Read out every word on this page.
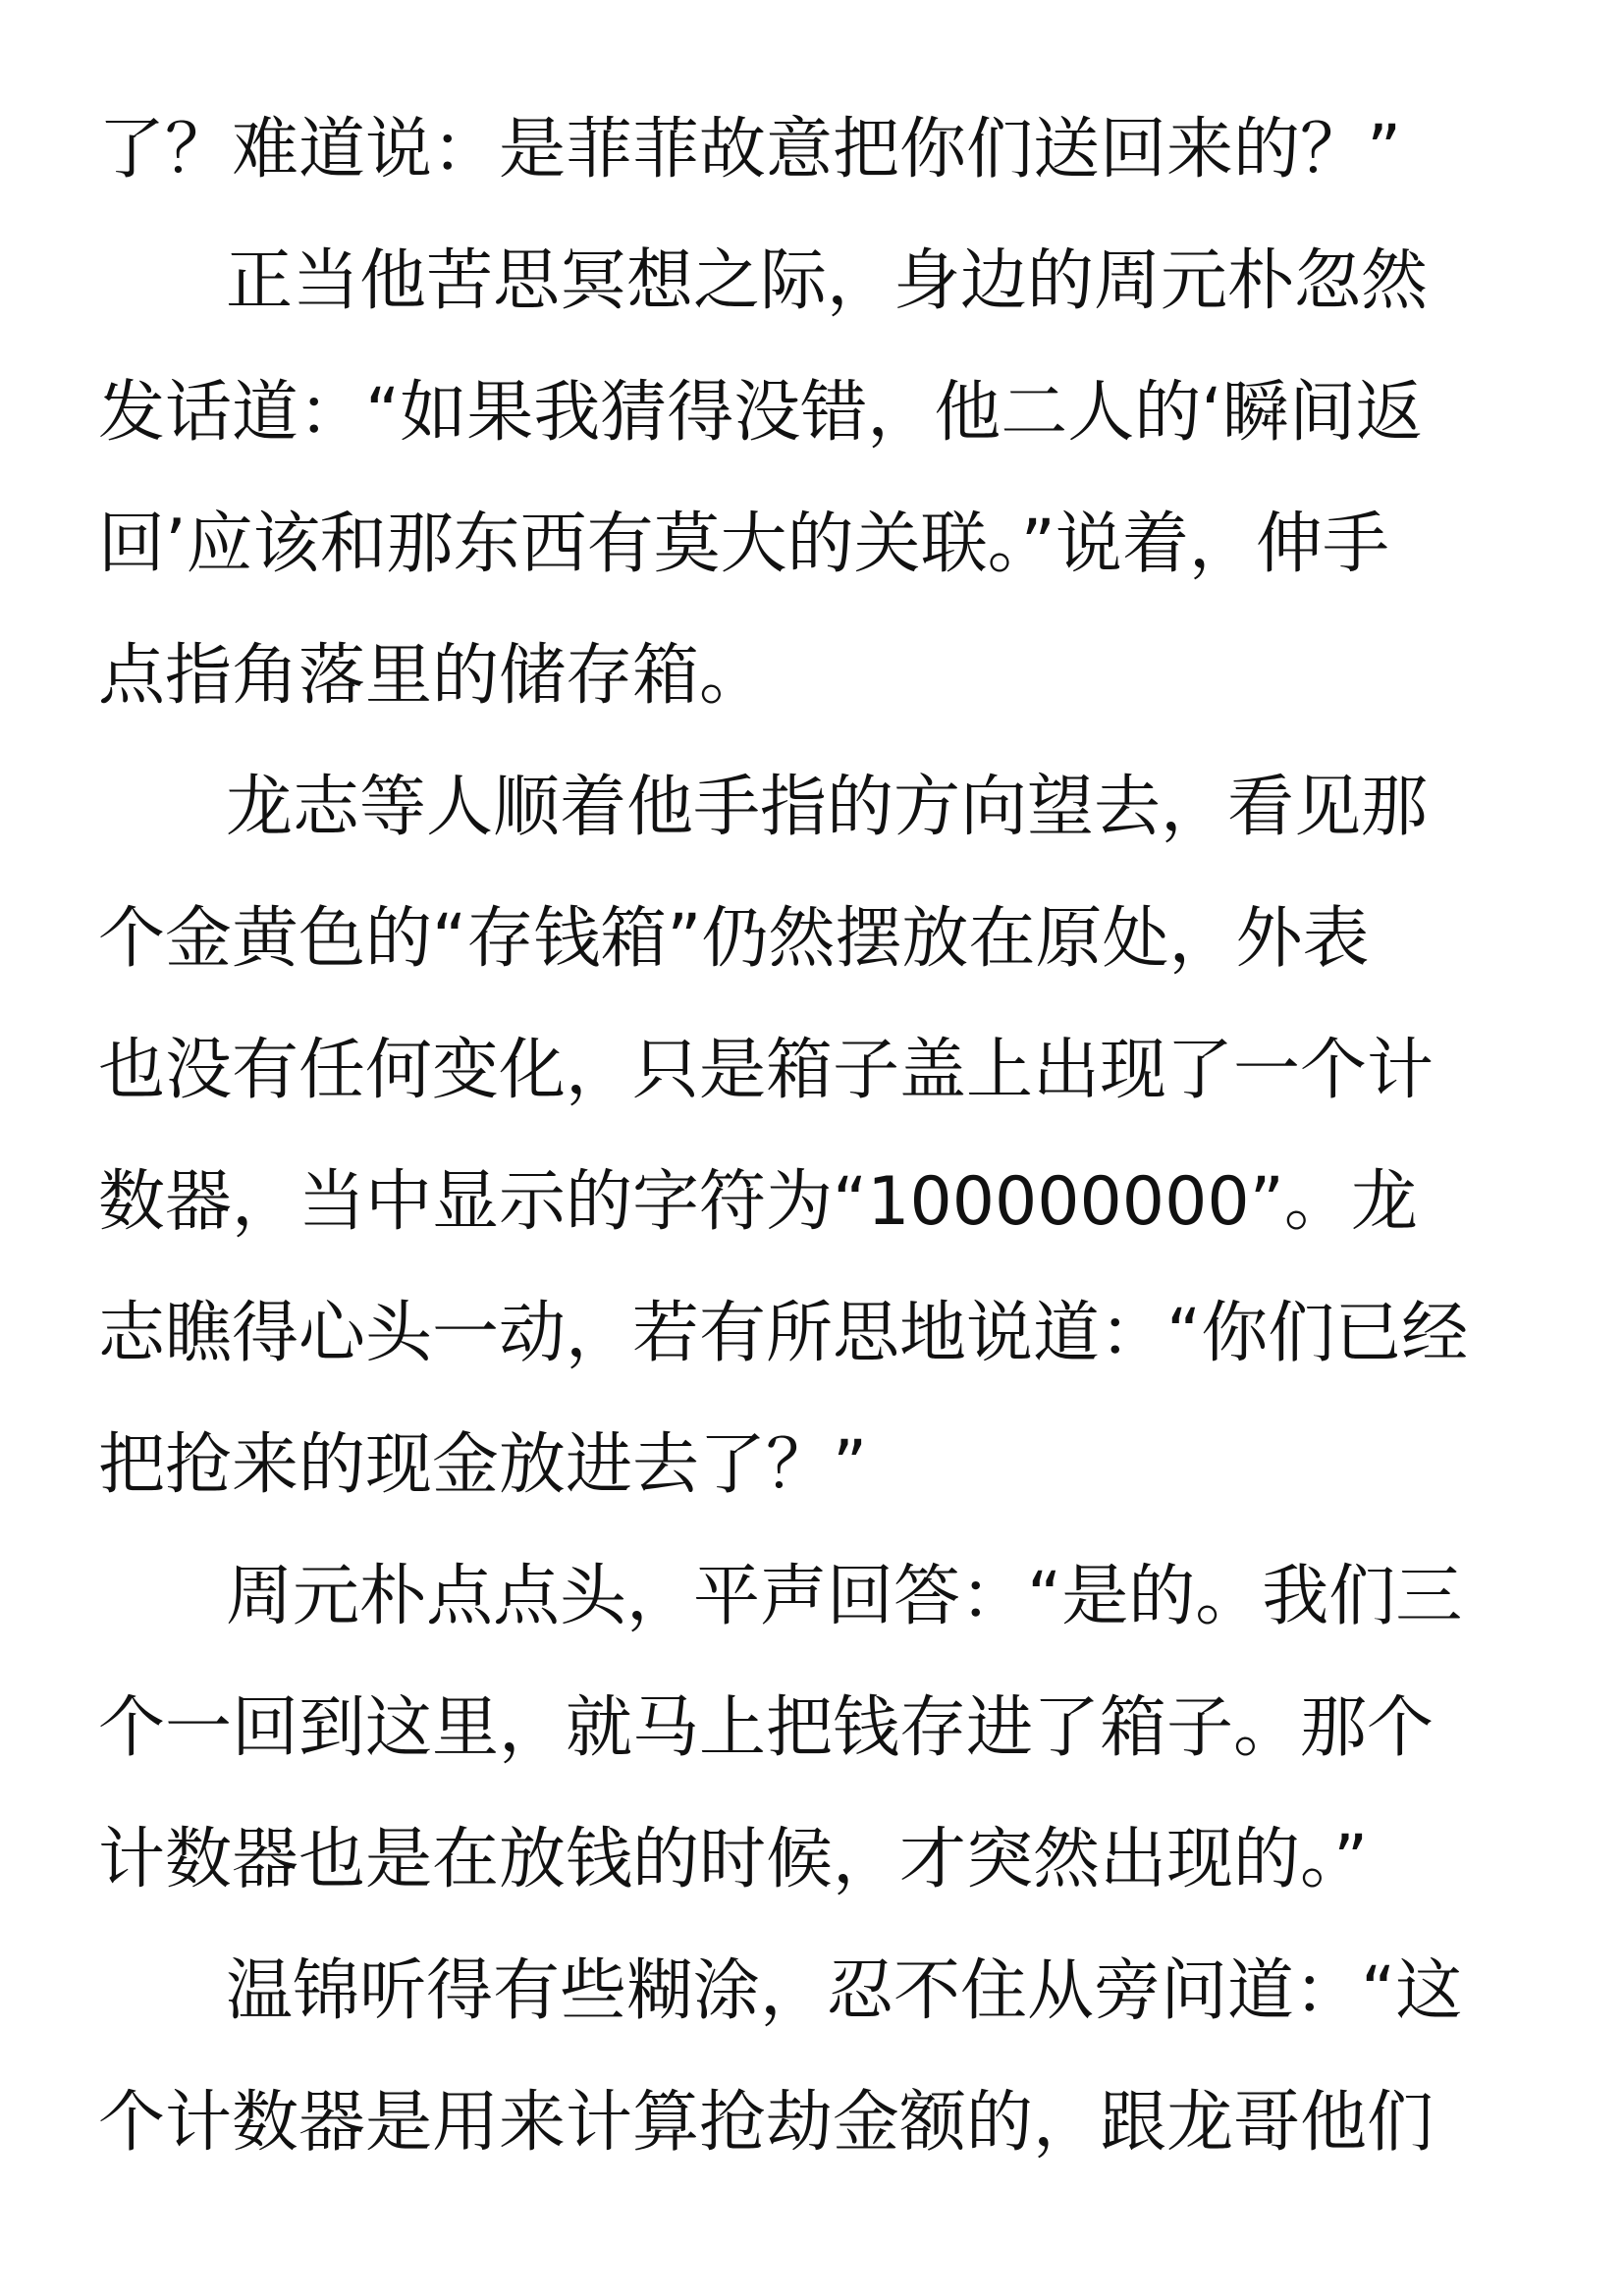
了？难道说：是菲菲故意把你们送回来的？”
正当他苦思冥想之际，身边的周元朴忽然
发话道：“如果我猜得没错，他二人的‘瞬间返
回’应该和那东西有莫大的关联。”说着，伸手
点指角落里的储存箱。
龙志等人顺着他手指的方向望去，看见那
个金黄色的“存钱箱”仍然摆放在原处，外表
也没有任何变化，只是箱子盖上出现了一个计
数器，当中显示的字符为“100000000”。龙
志瞧得心头一动，若有所思地说道：“你们已经
把抢来的现金放进去了？”
周元朴点点头，平声回答：“是的。我们三
个一回到这里，就马上把钱存进了箱子。那个
计数器也是在放钱的时候，才突然出现的。”
温锦听得有些糊涂，忍不住从旁问道：“这
个计数器是用来计算抢劫金额的，跟龙哥他们
